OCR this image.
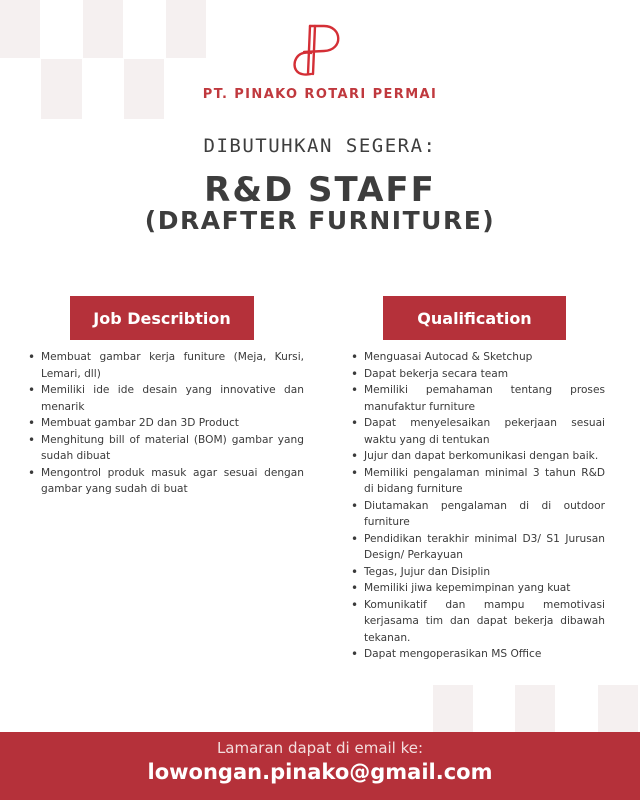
PT. PINAKO ROTARI PERMAI
DIBUTUHKAN SEGERA:
R&D STAFF
(DRAFTER FURNITURE)
Job Describtion	Qualification
• Membuat gambar kerja funiture (Meja, Kursi, Lemari, dll)
• Memiliki ide ide desain yang innovative dan menarik
• Membuat gambar 2D dan 3D Product
• Menghitung bill of material (BOM) gambar yang sudah dibuat
• Mengontrol produk masuk agar sesuai dengan gambar yang sudah di buat
• Menguasai Autocad & Sketchup
• Dapat bekerja secara team
• Memiliki pemahaman tentang proses manufaktur furniture
• Dapat menyelesaikan pekerjaan sesuai waktu yang di tentukan
• Jujur dan dapat berkomunikasi dengan baik.
• Memiliki pengalaman minimal 3 tahun R&D di bidang furniture
• Diutamakan pengalaman di di outdoor furniture
• Pendidikan terakhir minimal D3/ S1 Jurusan Design/ Perkayuan
• Tegas, Jujur dan Disiplin
• Memiliki jiwa kepemimpinan yang kuat
• Komunikatif dan mampu memotivasi kerjasama tim dan dapat bekerja dibawah tekanan.
• Dapat mengoperasikan MS Office
Lamaran dapat di email ke:
lowongan.pinako@gmail.com
